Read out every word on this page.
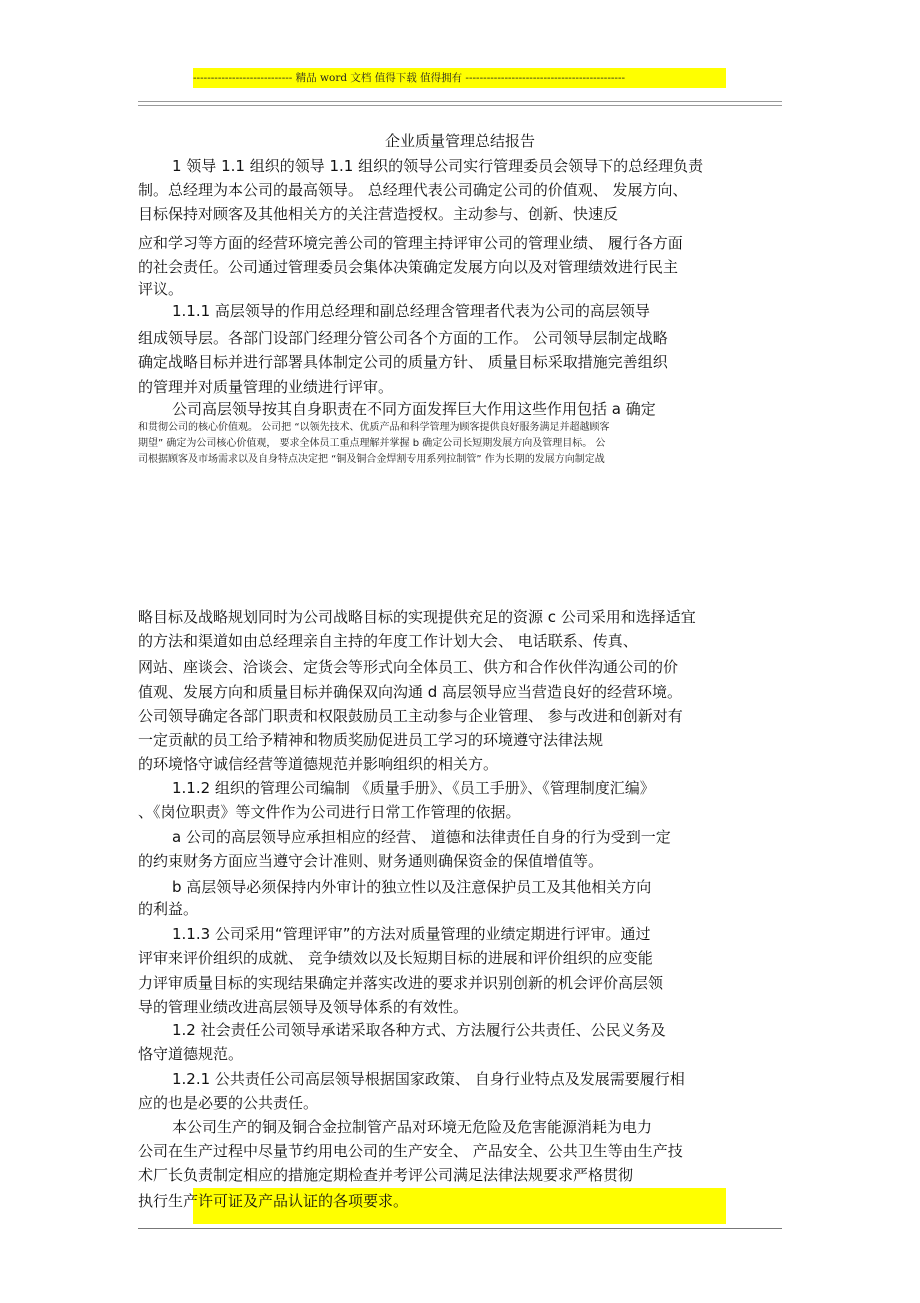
---------------------------- 精品 word 文档 值得下载 值得拥有 ---------------------------------------------
企业质量管理总结报告
1 领导 1.1 组织的领导 1.1 组织的领导公司实行管理委员会领导下的总经理负责
制。总经理为本公司的最高领导。 总经理代表公司确定公司的价值观、 发展方向、
目标保持对顾客及其他相关方的关注营造授权。主动参与、创新、快速反
应和学习等方面的经营环境完善公司的管理主持评审公司的管理业绩、 履行各方面
的社会责任。公司通过管理委员会集体决策确定发展方向以及对管理绩效进行民主
评议。
1.1.1 高层领导的作用总经理和副总经理含管理者代表为公司的高层领导
组成领导层。各部门设部门经理分管公司各个方面的工作。 公司领导层制定战略
确定战略目标并进行部署具体制定公司的质量方针、 质量目标采取措施完善组织
的管理并对质量管理的业绩进行评审。
公司高层领导按其自身职责在不同方面发挥巨大作用这些作用包括 a 确定
和贯彻公司的核心价值观。 公司把 “以领先技术、优质产品和科学管理为顾客提供良好服务满足并超越顾客
期望” 确定为公司核心价值观， 要求全体员工重点理解并掌握 b 确定公司长短期发展方向及管理目标。 公
司根据顾客及市场需求以及自身特点决定把 “铜及铜合金焊割专用系列拉制管” 作为长期的发展方向制定战
略目标及战略规划同时为公司战略目标的实现提供充足的资源 c 公司采用和选择适宜
的方法和渠道如由总经理亲自主持的年度工作计划大会、 电话联系、传真、
网站、座谈会、洽谈会、定货会等形式向全体员工、供方和合作伙伴沟通公司的价
值观、发展方向和质量目标并确保双向沟通 d 高层领导应当营造良好的经营环境。
公司领导确定各部门职责和权限鼓励员工主动参与企业管理、 参与改进和创新对有
一定贡献的员工给予精神和物质奖励促进员工学习的环境遵守法律法规
的环境恪守诚信经营等道德规范并影响组织的相关方。
1.1.2 组织的管理公司编制 《质量手册》、《员工手册》、《管理制度汇编》
、《岗位职责》等文件作为公司进行日常工作管理的依据。
a 公司的高层领导应承担相应的经营、 道德和法律责任自身的行为受到一定
的约束财务方面应当遵守会计准则、财务通则确保资金的保值增值等。
b 高层领导必须保持内外审计的独立性以及注意保护员工及其他相关方向
的利益。
1.1.3 公司采用“管理评审”的方法对质量管理的业绩定期进行评审。通过
评审来评价组织的成就、 竞争绩效以及长短期目标的进展和评价组织的应变能
力评审质量目标的实现结果确定并落实改进的要求并识别创新的机会评价高层领
导的管理业绩改进高层领导及领导体系的有效性。
1.2 社会责任公司领导承诺采取各种方式、方法履行公共责任、公民义务及
恪守道德规范。
1.2.1 公共责任公司高层领导根据国家政策、 自身行业特点及发展需要履行相
应的也是必要的公共责任。
本公司生产的铜及铜合金拉制管产品对环境无危险及危害能源消耗为电力
公司在生产过程中尽量节约用电公司的生产安全、 产品安全、公共卫生等由生产技
术厂长负责制定相应的措施定期检查并考评公司满足法律法规要求严格贯彻
执行生产许可证及产品认证的各项要求。
